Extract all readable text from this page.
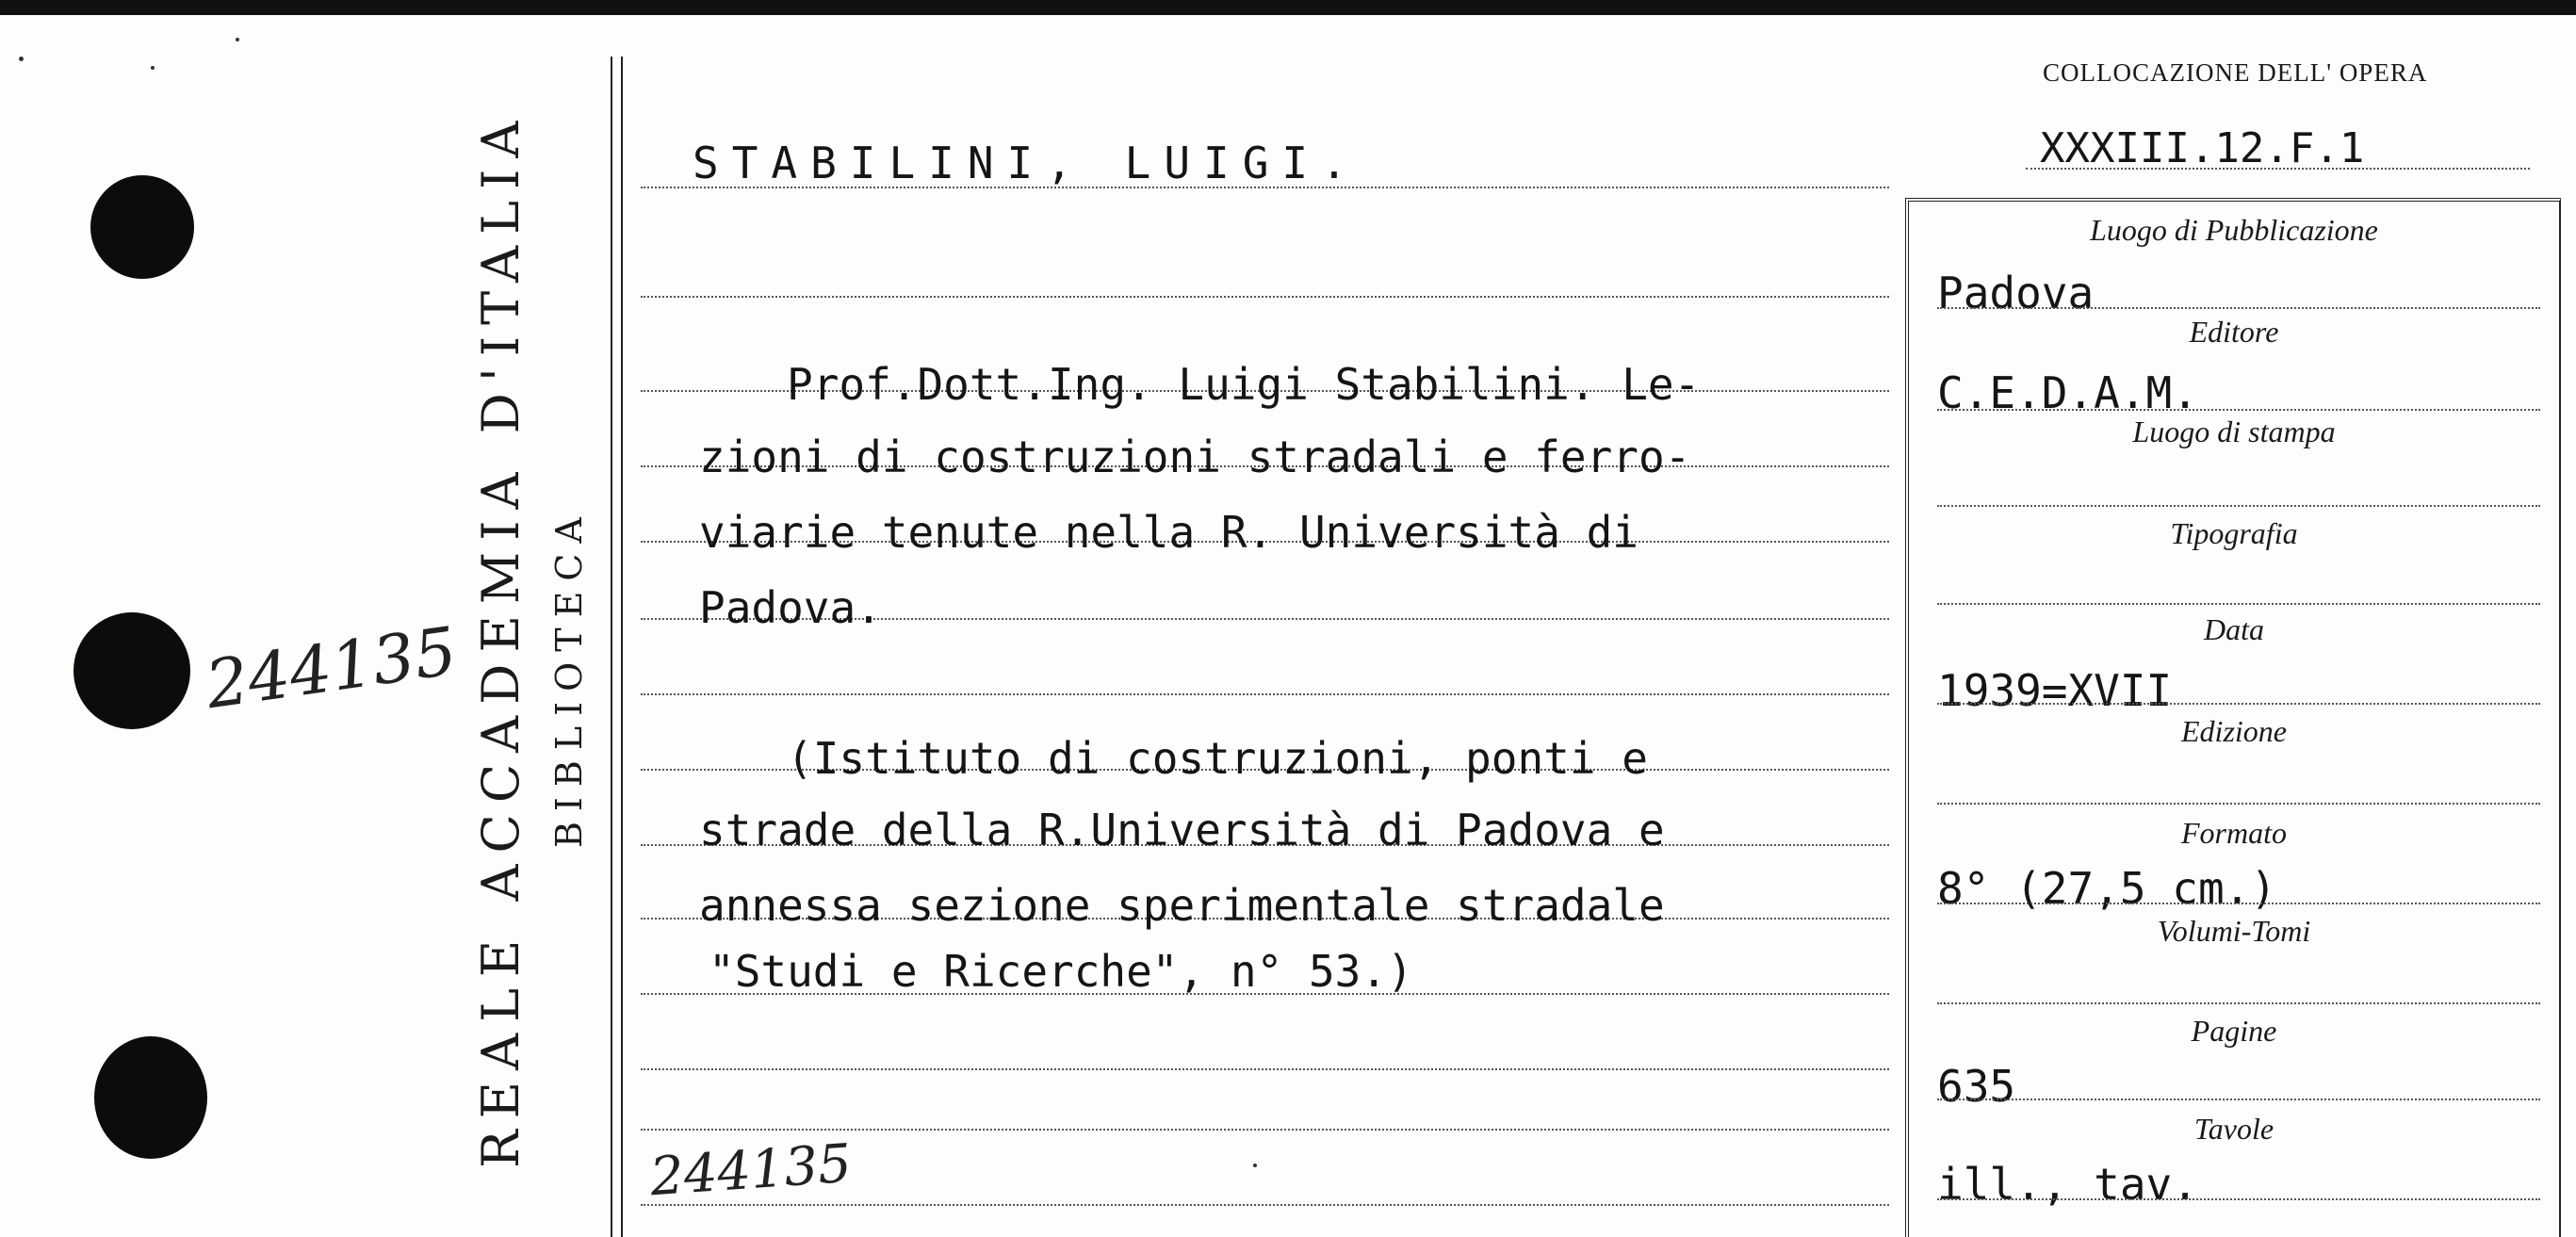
REALE ACCADEMIA D'ITALIA BIBLIOTECA
244135
COLLOCAZIONE DELL' OPERA
XXXIII.12.F.1
STABILINI, LUIGI.
Prof.Dott.Ing. Luigi Stabilini. Le-
zioni di costruzioni stradali e ferro-
viarie tenute nella R. Università di
Padova.
(Istituto di costruzioni, ponti e
strade della R.Università di Padova e
annessa sezione sperimentale stradale
"Studi e Ricerche", n° 53.)
244135
Luogo di Pubblicazione
Padova
Editore
C.E.D.A.M.
Luogo di stampa
Tipografia
Data
1939=XVII
Edizione
Formato
8° (27,5 cm.)
Volumi-Tomi
Pagine
635
Tavole
ill., tav.
